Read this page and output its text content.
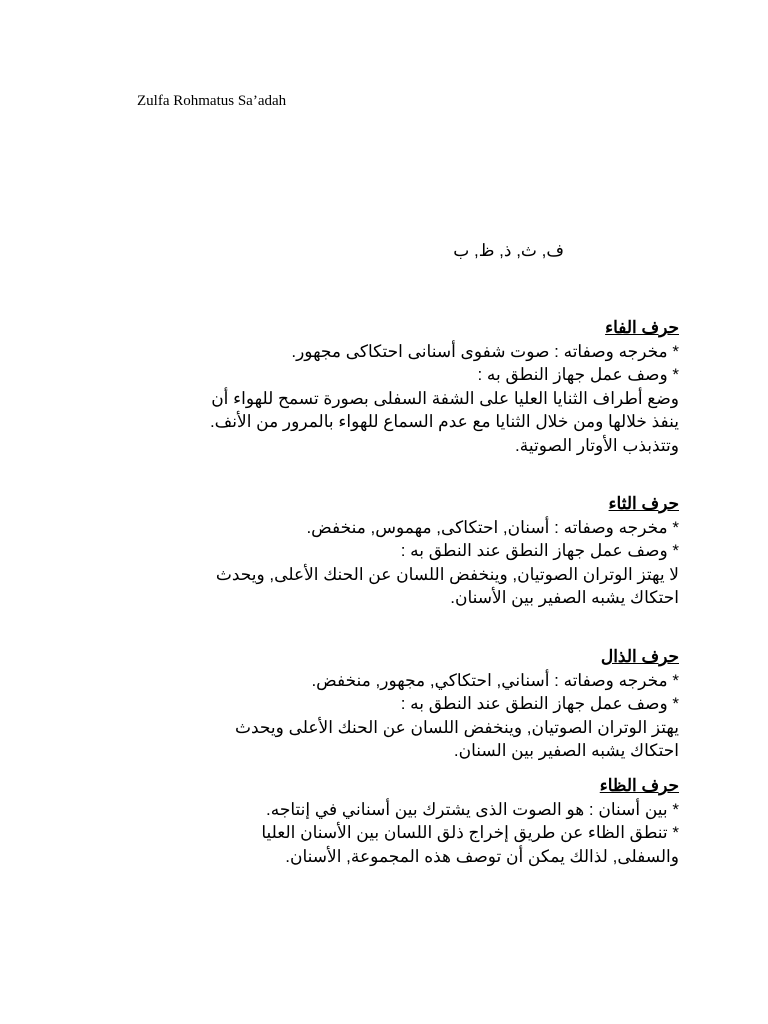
Zulfa Rohmatus Sa’adah
ف, ث, ذ, ظ, ب
حرف الفاء
* مخرجه وصفاته : صوت شفوى أسنانى احتكاكى مجهور.
* وصف عمل جهاز النطق به :
وضع أطراف الثنايا العليا على الشفة السفلى بصورة تسمح للهواء أن ينفذ خلالها ومن خلال الثنايا مع عدم السماع للهواء بالمرور من الأنف. وتتذبذب الأوتار الصوتية.
حرف الثاء
* مخرجه وصفاته : أسنان, احتكاكى, مهموس, منخفض.
* وصف عمل جهاز النطق عند النطق به :
لا يهتز الوتران الصوتيان, وينخفض اللسان عن الحنك الأعلى, ويحدث احتكاك يشبه الصفير بين الأسنان.
حرف الذال
* مخرجه وصفاته : أسناني, احتكاكي, مجهور, منخفض.
* وصف عمل جهاز النطق عند النطق به :
يهتز الوتران الصوتيان, وينخفض اللسان عن الحنك الأعلى ويحدث احتكاك يشبه الصفير بين السنان.
حرف الظاء
* بين أسنان : هو الصوت الذى يشترك بين أسناني في إنتاجه.
* تنطق الظاء عن طريق إخراج ذلق اللسان بين الأسنان العليا والسفلى, لذالك يمكن أن توصف هذه المجموعة, الأسنان.
